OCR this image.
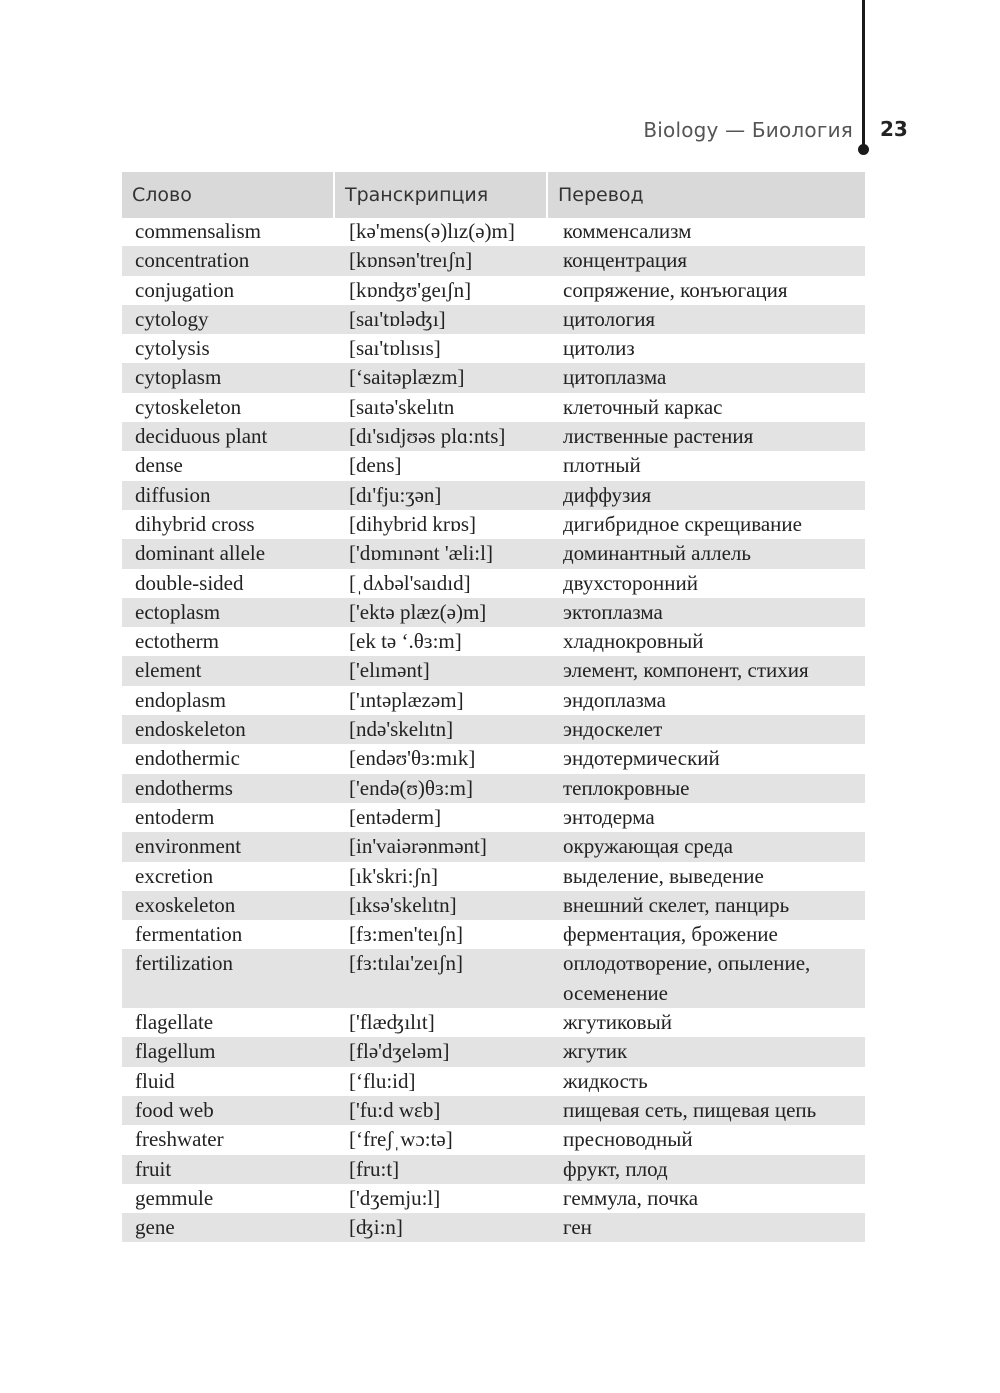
Biology — Биология 23
Слово	Транскрипция	Перевод
commensalism	[kə'mens(ə)lız(ə)m]	комменсализм
concentration	[kɒnsən'treıʃn]	концентрация
conjugation	[kɒnʤʊ'geıʃn]	сопряжение, конъюгация
cytology	[saı'tɒləʤı]	цитология
cytolysis	[saı'tɒlısıs]	цитолиз
cytoplasm	[‘saitəplæzm]	цитоплазма
cytoskeleton	[saıtə'skelıtn	клеточный каркас
deciduous plant	[dı'sıdjʊəs plɑ:nts]	лиственные растения
dense	[dens]	плотный
diffusion	[dı'fju:ʒən]	диффузия
dihybrid cross	[dihybrid krɒs]	дигибридное скрещивание
dominant allele	['dɒmınənt 'æli:l]	доминантный аллель
double-sided	[ˌdʌbəl'saıdıd]	двухсторонний
ectoplasm	['ektə plæz(ə)m]	эктоплазма
ectotherm	[ek tə ‘.θɜ:m]	хладнокровный
element	['elımənt]	элемент, компонент, стихия
endoplasm	['ıntəplæzəm]	эндоплазма
endoskeleton	[ndə'skelıtn]	эндоскелет
endothermic	[endəʊ'θɜ:mık]	эндотермический
endotherms	['endə(ʊ)θɜ:m]	теплокровные
entoderm	[entəderm]	энтодерма
environment	[in'vaiərənmənt]	окружающая среда
excretion	[ık'skri:ʃn]	выделение, выведение
exoskeleton	[ıksə'skelıtn]	внешний скелет, панцирь
fermentation	[fɜ:men'teıʃn]	ферментация, брожение
fertilization	[fɜ:tılaı'zeıʃn]	оплодотворение, опыление, осеменение
flagellate	['flæʤılıt]	жгутиковый
flagellum	[flə'dʒeləm]	жгутик
fluid	[‘flu:id]	жидкость
food web	['fu:d wεb]	пищевая сеть, пищевая цепь
freshwater	[‘freʃˌwɔ:tə]	пресноводный
fruit	[fru:t]	фрукт, плод
gemmule	['dʒemju:l]	геммула, почка
gene	[ʤi:n]	ген
